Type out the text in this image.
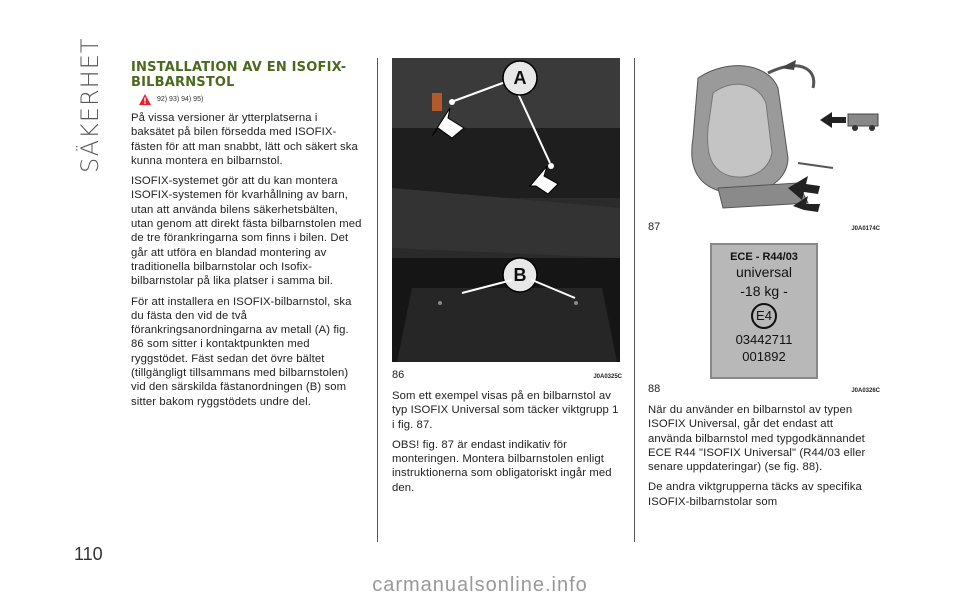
SÄKERHET
110
INSTALLATION AV EN ISOFIX-BILBARNSTOL
92) 93) 94) 95)

På vissa versioner är ytterplatserna i baksätet på bilen försedda med ISOFIX-fästen för att man snabbt, lätt och säkert ska kunna montera en bilbarnstol.

ISOFIX-systemet gör att du kan montera ISOFIX-systemen för kvarhållning av barn, utan att använda bilens säkerhetsbälten, utan genom att direkt fästa bilbarnstolen med de tre förankringarna som finns i bilen. Det går att utföra en blandad montering av traditionella bilbarnstolar och Isofix-bilbarnstolar på lika platser i samma bil.

För att installera en ISOFIX-bilbarnstol, ska du fästa den vid de två förankringsanordningarna av metall (A) fig. 86 som sitter i kontaktpunkten med ryggstödet. Fäst sedan det övre bältet (tillgängligt tillsammans med bilbarnstolen) vid den särskilda fästanordningen (B) som sitter bakom ryggstödets undre del.

A
B
86	J0A0325C

Som ett exempel visas på en bilbarnstol av typ ISOFIX Universal som täcker viktgrupp 1 i fig. 87.

OBS! fig. 87 är endast indikativ för monteringen. Montera bilbarnstolen enligt instruktionerna som obligatoriskt ingår med den.

87	J0A0174C
ECE - R44/03
universal
-18 kg -
E4
03442711
001892
88	J0A0326C

När du använder en bilbarnstol av typen ISOFIX Universal, går det endast att använda bilbarnstol med typgodkännandet ECE R44 "ISOFIX Universal" (R44/03 eller senare uppdateringar) (se fig. 88).

De andra viktgrupperna täcks av specifika ISOFIX-bilbarnstolar som

carmanualsonline.info
